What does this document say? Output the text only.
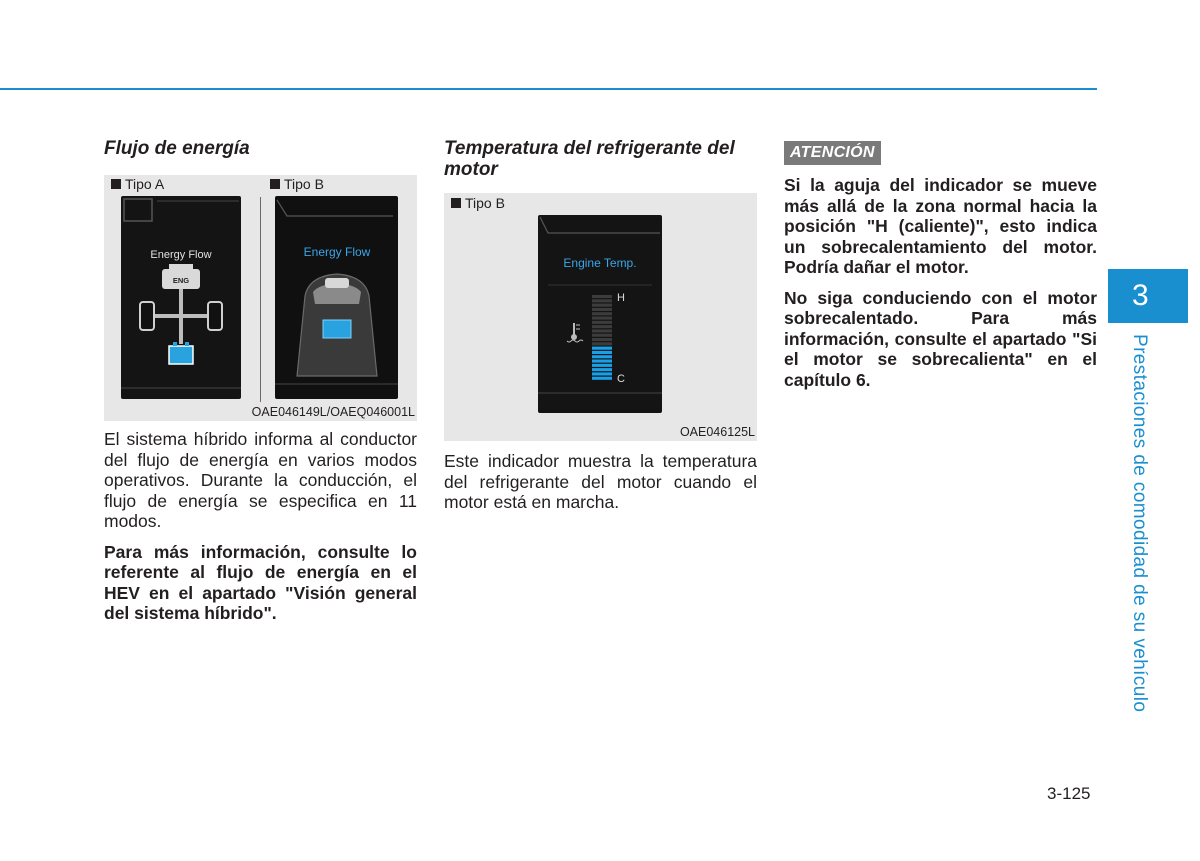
Flujo de energía
Tipo A	Tipo B
Energy Flow
ENG
Energy Flow
OAE046149L/OAEQ046001L

El sistema híbrido informa al conductor del flujo de energía en varios modos operativos. Durante la conducción, el flujo de energía se especifica en 11 modos.

Para más información, consulte lo referente al flujo de energía en el HEV en el apartado "Visión general del sistema híbrido".

Temperatura del refrigerante del motor
Tipo B
Engine Temp.
H
C
OAE046125L

Este indicador muestra la temperatura del refrigerante del motor cuando el motor está en marcha.

ATENCIÓN

Si la aguja del indicador se mueve más allá de la zona normal hacia la posición "H (caliente)", esto indica un sobrecalentamiento del motor. Podría dañar el motor.

No siga conduciendo con el motor sobrecalentado. Para más información, consulte el apartado "Si el motor se sobrecalienta" en el capítulo 6.

3
Prestaciones de comodidad de su vehículo
3-125
